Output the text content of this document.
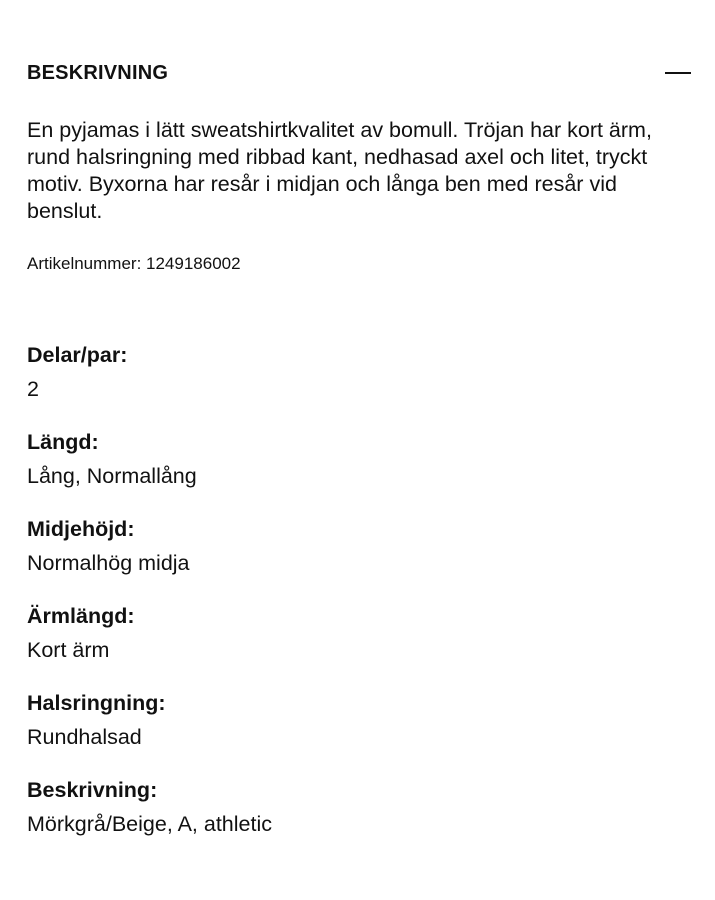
BESKRIVNING

En pyjamas i lätt sweatshirtkvalitet av bomull. Tröjan har kort ärm, rund halsringning med ribbad kant, nedhasad axel och litet, tryckt motiv. Byxorna har resår i midjan och långa ben med resår vid benslut.

Artikelnummer: 1249186002
Delar/par:
2
Längd:
Lång, Normallång
Midjehöjd:
Normalhög midja
Ärmlängd:
Kort ärm
Halsringning:
Rundhalsad
Beskrivning:
Mörkgrå/Beige, A, athletic
